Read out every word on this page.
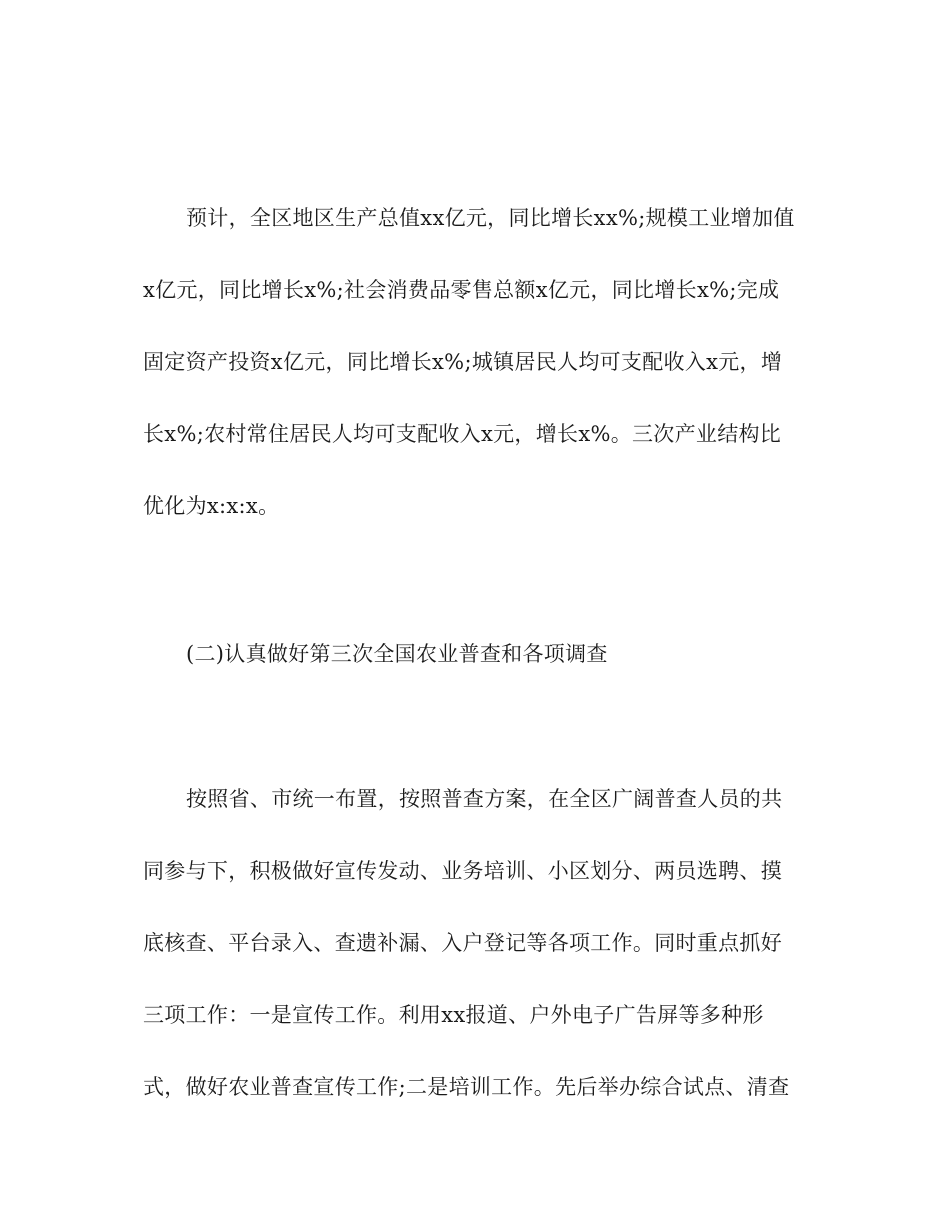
预计，全区地区生产总值xx亿元，同比增长xx%;规模工业增加值
x亿元，同比增长x%;社会消费品零售总额x亿元，同比增长x%;完成
固定资产投资x亿元，同比增长x%;城镇居民人均可支配收入x元，增
长x%;农村常住居民人均可支配收入x元，增长x%。三次产业结构比
优化为x:x:x。
(二)认真做好第三次全国农业普查和各项调查
按照省、市统一布置，按照普查方案，在全区广阔普查人员的共
同参与下，积极做好宣传发动、业务培训、小区划分、两员选聘、摸
底核查、平台录入、查遗补漏、入户登记等各项工作。同时重点抓好
三项工作：一是宣传工作。利用xx报道、户外电子广告屏等多种形
式，做好农业普查宣传工作;二是培训工作。先后举办综合试点、清查
